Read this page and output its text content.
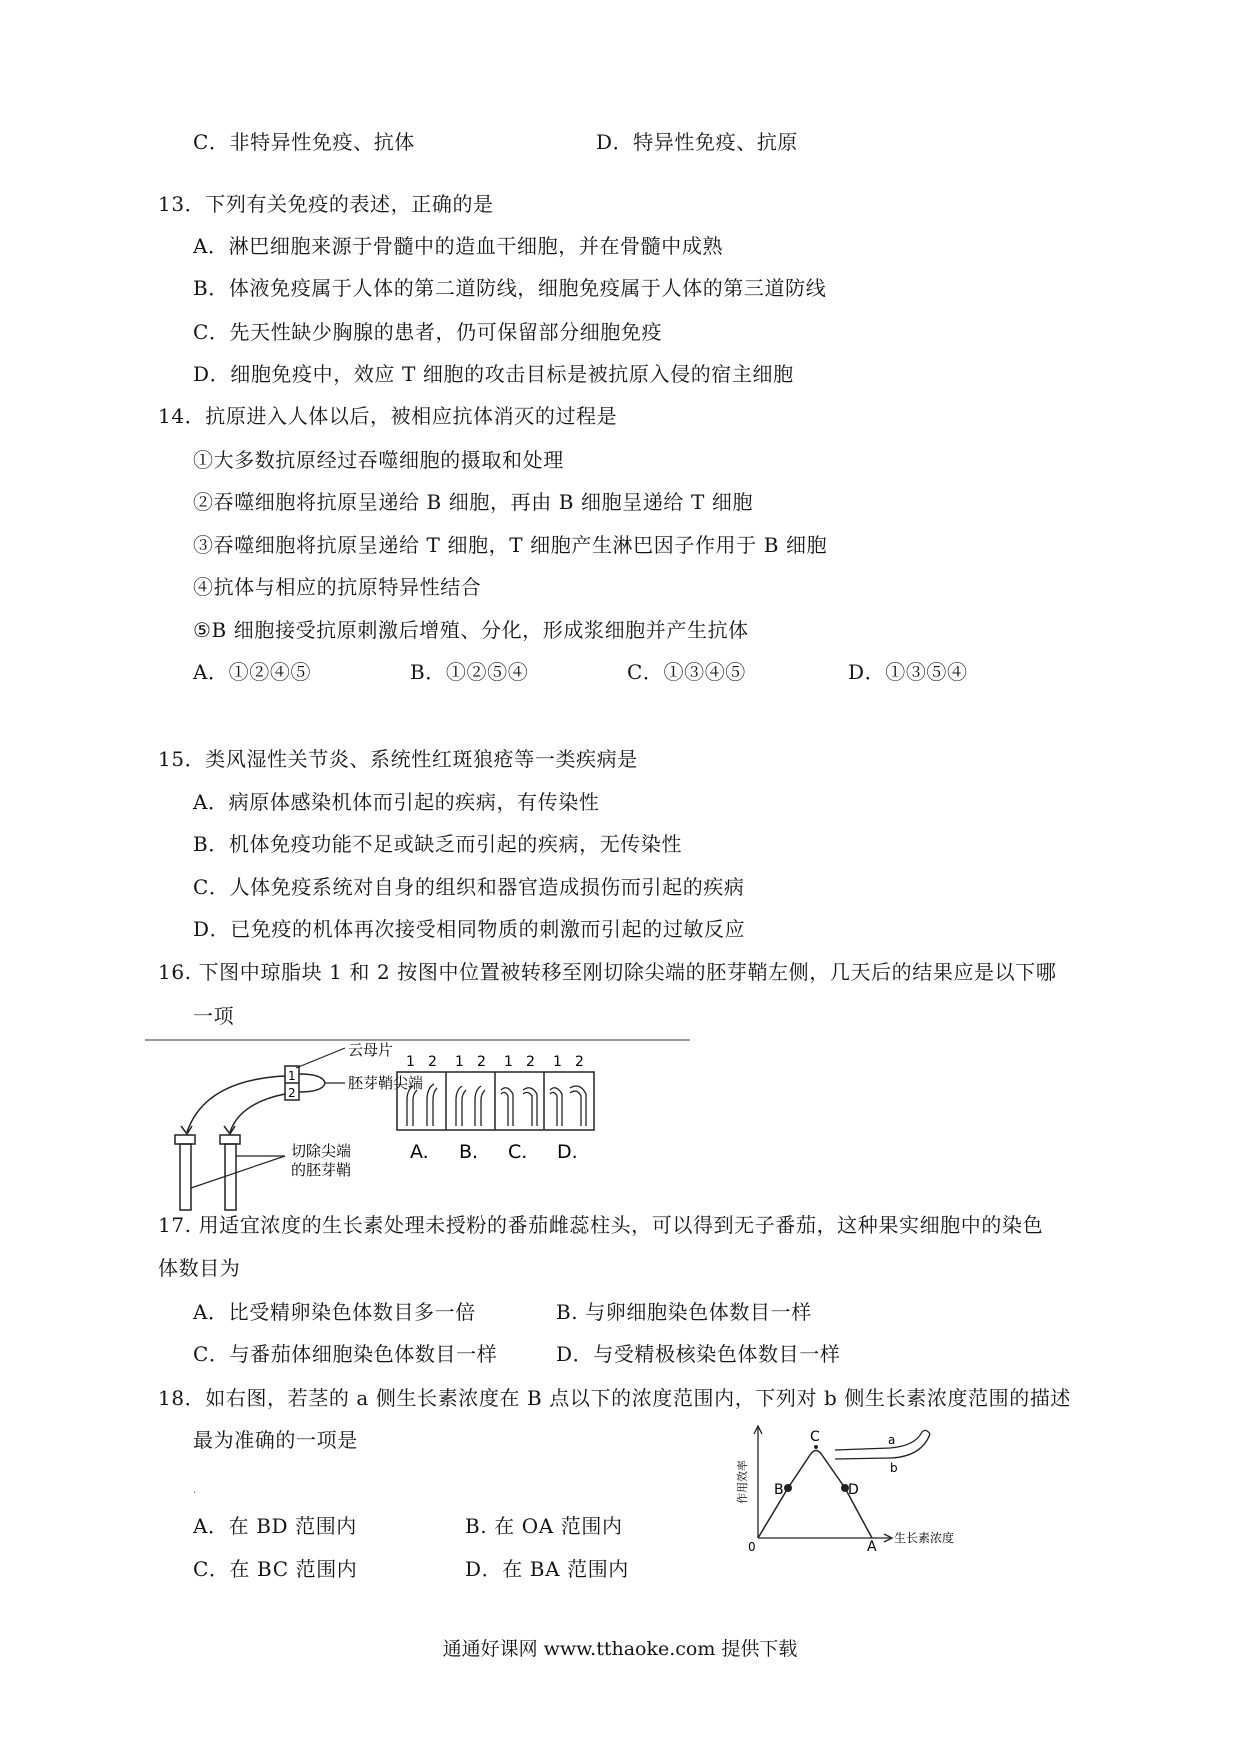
C．非特异性免疫、抗体	D．特异性免疫、抗原
13．下列有关免疫的表述，正确的是
A．淋巴细胞来源于骨髓中的造血干细胞，并在骨髓中成熟
B．体液免疫属于人体的第二道防线，细胞免疫属于人体的第三道防线
C．先天性缺少胸腺的患者，仍可保留部分细胞免疫
D．细胞免疫中，效应 T 细胞的攻击目标是被抗原入侵的宿主细胞
14．抗原进入人体以后，被相应抗体消灭的过程是
①大多数抗原经过吞噬细胞的摄取和处理
②吞噬细胞将抗原呈递给 B 细胞，再由 B 细胞呈递给 T 细胞
③吞噬细胞将抗原呈递给 T 细胞，T 细胞产生淋巴因子作用于 B 细胞
④抗体与相应的抗原特异性结合
⑤B 细胞接受抗原刺激后增殖、分化，形成浆细胞并产生抗体
A．①②④⑤	B．①②⑤④	C．①③④⑤	D．①③⑤④
15．类风湿性关节炎、系统性红斑狼疮等一类疾病是
A．病原体感染机体而引起的疾病，有传染性
B．机体免疫功能不足或缺乏而引起的疾病，无传染性
C．人体免疫系统对自身的组织和器官造成损伤而引起的疾病
D．已免疫的机体再次接受相同物质的刺激而引起的过敏反应
16. 下图中琼脂块 1 和 2 按图中位置被转移至刚切除尖端的胚芽鞘左侧，几天后的结果应是以下哪
一项
1
2
云母片
胚芽鞘尖端
切除尖端
的胚芽鞘
1 2 1 2 1 2 1 2
A. B. C. D.
17. 用适宜浓度的生长素处理未授粉的番茄雌蕊柱头，可以得到无子番茄，这种果实细胞中的染色
体数目为
A．比受精卵染色体数目多一倍	B. 与卵细胞染色体数目一样
C．与番茄体细胞染色体数目一样	D．与受精极核染色体数目一样
18．如右图，若茎的 a 侧生长素浓度在 B 点以下的浓度范围内，下列对 b 侧生长素浓度范围的描述
最为准确的一项是
·
A．在 BD 范围内	B. 在 OA 范围内
C．在 BC 范围内	D．在 BA 范围内
作用效率
生长素浓度
0
B
C
D
A
a
b
通通好课网 www.tthaoke.com 提供下载
